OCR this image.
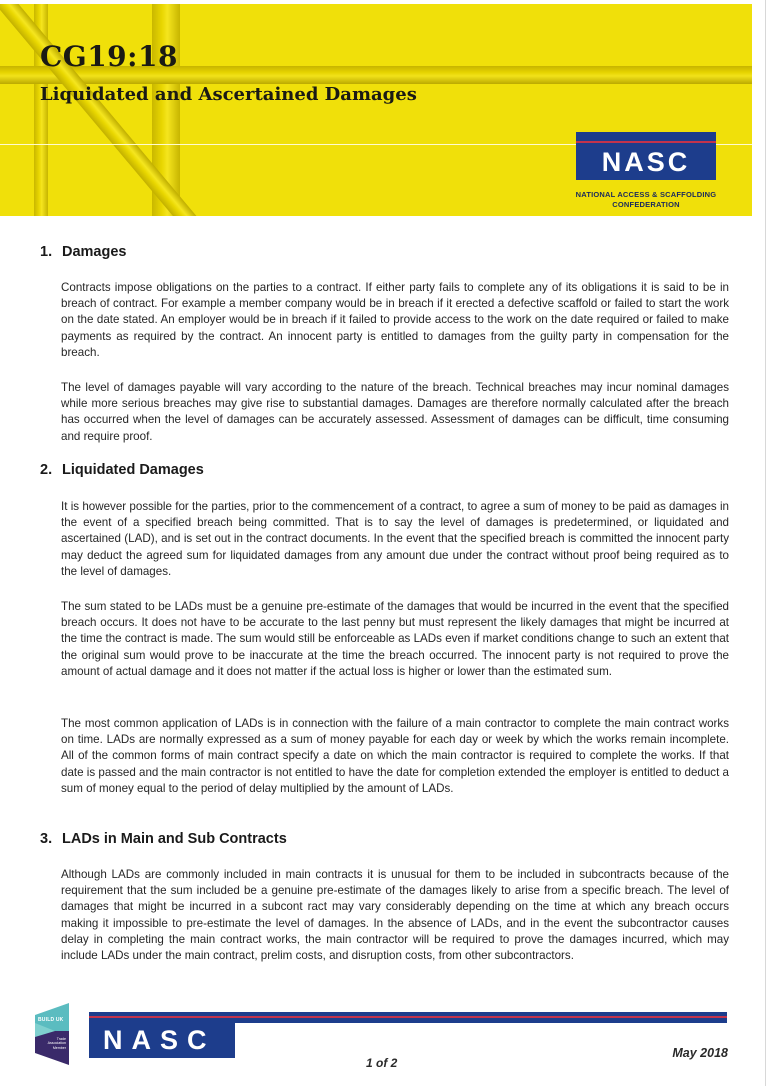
CG19:18
Liquidated and Ascertained Damages
NASC
NATIONAL ACCESS & SCAFFOLDING
CONFEDERATION
1. Damages
Contracts impose obligations on the parties to a contract. If either party fails to complete any of its obligations it is said to be in breach of contract. For example a member company would be in breach if it erected a defective scaffold or failed to start the work on the date stated. An employer would be in breach if it failed to provide access to the work on the date required or failed to make payments as required by the contract. An innocent party is entitled to damages from the guilty party in compensation for the breach.
The level of damages payable will vary according to the nature of the breach. Technical breaches may incur nominal damages while more serious breaches may give rise to substantial damages. Damages are therefore normally calculated after the breach has occurred when the level of damages can be accurately assessed. Assessment of damages can be difficult, time consuming and require proof.
2. Liquidated Damages
It is however possible for the parties, prior to the commencement of a contract, to agree a sum of money to be paid as damages in the event of a specified breach being committed. That is to say the level of damages is predetermined, or liquidated and ascertained (LAD), and is set out in the contract documents. In the event that the specified breach is committed the innocent party may deduct the agreed sum for liquidated damages from any amount due under the contract without proof being required as to the level of damages.
The sum stated to be LADs must be a genuine pre-estimate of the damages that would be incurred in the event that the specified breach occurs. It does not have to be accurate to the last penny but must represent the likely damages that might be incurred at the time the contract is made. The sum would still be enforceable as LADs even if market conditions change to such an extent that the original sum would prove to be inaccurate at the time the breach occurred. The innocent party is not required to prove the amount of actual damage and it does not matter if the actual loss is higher or lower than the estimated sum.
The most common application of LADs is in connection with the failure of a main contractor to complete the main contract works on time. LADs are normally expressed as a sum of money payable for each day or week by which the works remain incomplete. All of the common forms of main contract specify a date on which the main contractor is required to complete the works. If that date is passed and the main contractor is not entitled to have the date for completion extended the employer is entitled to deduct a sum of money equal to the period of delay multiplied by the amount of LADs.
3. LADs in Main and Sub Contracts
Although LADs are commonly included in main contracts it is unusual for them to be included in subcontracts because of the requirement that the sum included be a genuine pre-estimate of the damages likely to arise from a specific breach. The level of damages that might be incurred in a subcont ract may vary considerably depending on the time at which any breach occurs making it impossible to pre-estimate the level of damages. In the absence of LADs, and in the event the subcontractor causes delay in completing the main contract works, the main contractor will be required to prove the damages incurred, which may include LADs under the main contract, prelim costs, and disruption costs, from other subcontractors.
BUILD UK
Trade Association Member	NASC
1 of 2
May 2018
